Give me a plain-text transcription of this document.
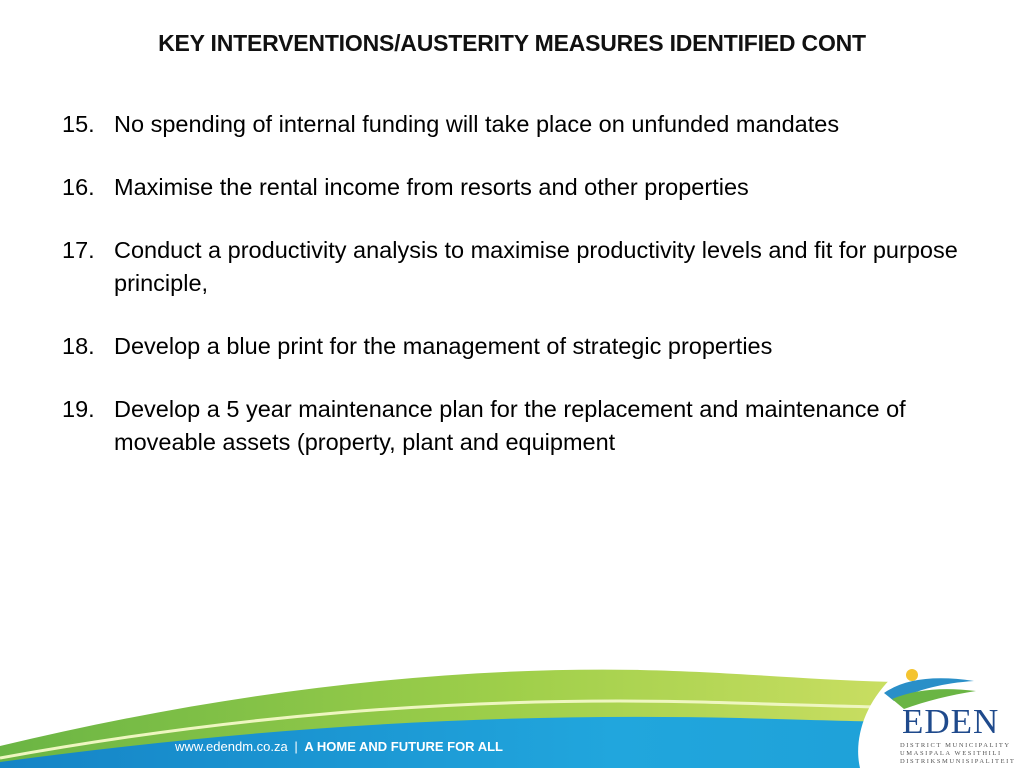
KEY INTERVENTIONS/AUSTERITY MEASURES IDENTIFIED CONT
15. No spending of internal funding will take place on unfunded mandates
16. Maximise the rental income from resorts and other properties
17. Conduct a productivity analysis to maximise productivity levels and fit for purpose principle,
18. Develop a blue print for the management of strategic properties
19. Develop a 5 year maintenance plan for the replacement and maintenance of moveable assets (property, plant and equipment
www.edendm.co.za | A HOME AND FUTURE FOR ALL
EDEN
DISTRICT MUNICIPALITY
UMASIPALA WESITHILI
DISTRIKSMUNISIPALITEIT
